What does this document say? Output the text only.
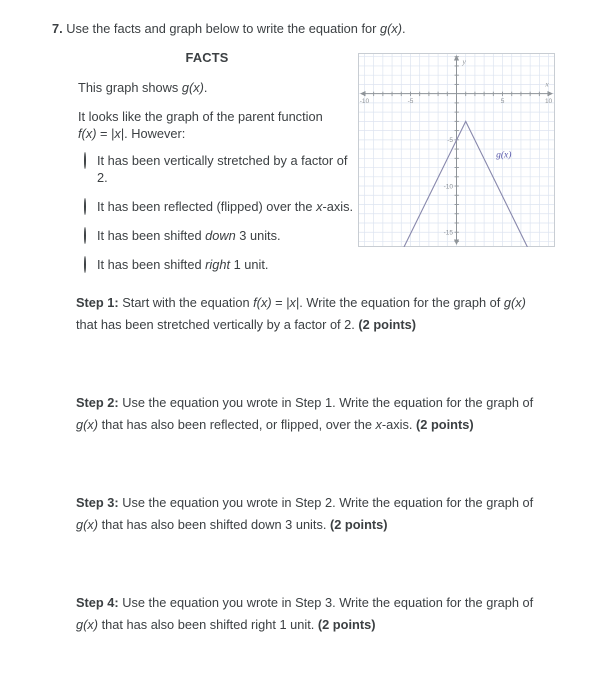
7. Use the facts and graph below to write the equation for g(x).
FACTS
This graph shows g(x).
It looks like the graph of the parent function
f(x) = |x|. However:
It has been vertically stretched by a factor of
2.
It has been reflected (flipped) over the x-axis.
It has been shifted down 3 units.
It has been shifted right 1 unit.
-10	-5	5	10
-5
-10
-15
y
x
g(x)
Step 1: Start with the equation f(x) = |x|. Write the equation for the graph of g(x)
that has been stretched vertically by a factor of 2. (2 points)
Step 2: Use the equation you wrote in Step 1. Write the equation for the graph of
g(x) that has also been reflected, or flipped, over the x-axis. (2 points)
Step 3: Use the equation you wrote in Step 2. Write the equation for the graph of
g(x) that has also been shifted down 3 units. (2 points)
Step 4: Use the equation you wrote in Step 3. Write the equation for the graph of
g(x) that has also been shifted right 1 unit. (2 points)
